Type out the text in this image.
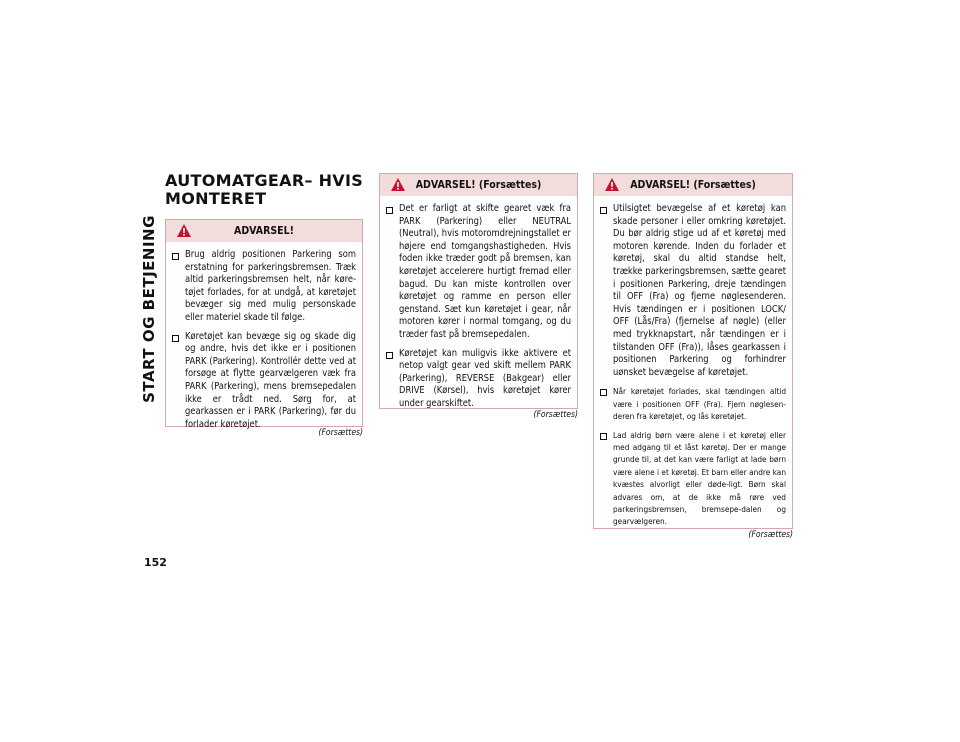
START OG BETJENING
152
AUTOMATGEAR– HVIS MONTERET
ADVARSEL!
Brug aldrig positionen Parkering som erstatning for parkeringsbremsen. Træk altid parkeringsbremsen helt, når køre-tøjet forlades, for at undgå, at køretøjet bevæger sig med mulig personskade eller materiel skade til følge.
Køretøjet kan bevæge sig og skade dig og andre, hvis det ikke er i positionen PARK (Parkering). Kontrollér dette ved at forsøge at flytte gearvælgeren væk fra PARK (Parkering), mens bremsepedalen ikke er trådt ned. Sørg for, at gearkassen er i PARK (Parkering), før du forlader køretøjet.
(Forsættes)
ADVARSEL! (Forsættes)
Det er farligt at skifte gearet væk fra PARK (Parkering) eller NEUTRAL (Neutral), hvis motoromdrejningstallet er højere end tomgangshastigheden. Hvis foden ikke træder godt på bremsen, kan køretøjet accelerere hurtigt fremad eller bagud. Du kan miste kontrollen over køretøjet og ramme en person eller genstand. Sæt kun køretøjet i gear, når motoren kører i normal tomgang, og du træder fast på bremsepedalen.
Køretøjet kan muligvis ikke aktivere et netop valgt gear ved skift mellem PARK (Parkering), REVERSE (Bakgear) eller DRIVE (Kørsel), hvis køretøjet kører under gearskiftet.
(Forsættes)
ADVARSEL! (Forsættes)
Utilsigtet bevægelse af et køretøj kan skade personer i eller omkring køretøjet. Du bør aldrig stige ud af et køretøj med motoren kørende. Inden du forlader et køretøj, skal du altid standse helt, trække parkeringsbremsen, sætte gearet i positionen Parkering, dreje tændingen til OFF (Fra) og fjerne nøglesenderen. Hvis tændingen er i positionen LOCK/ OFF (Lås/Fra) (fjernelse af nøgle) (eller med trykknapstart, når tændingen er i tilstanden OFF (Fra)), låses gearkassen i positionen Parkering og forhindrer uønsket bevægelse af køretøjet.
Når køretøjet forlades, skal tændingen altid være i positionen OFF (Fra). Fjern nøglesen-deren fra køretøjet, og lås køretøjet.
Lad aldrig børn være alene i et køretøj eller med adgang til et låst køretøj. Der er mange grunde til, at det kan være farligt at lade børn være alene i et køretøj. Et barn eller andre kan kvæstes alvorligt eller døde-ligt. Børn skal advares om, at de ikke må røre ved parkeringsbremsen, bremsepe-dalen og gearvælgeren.
(Forsættes)
